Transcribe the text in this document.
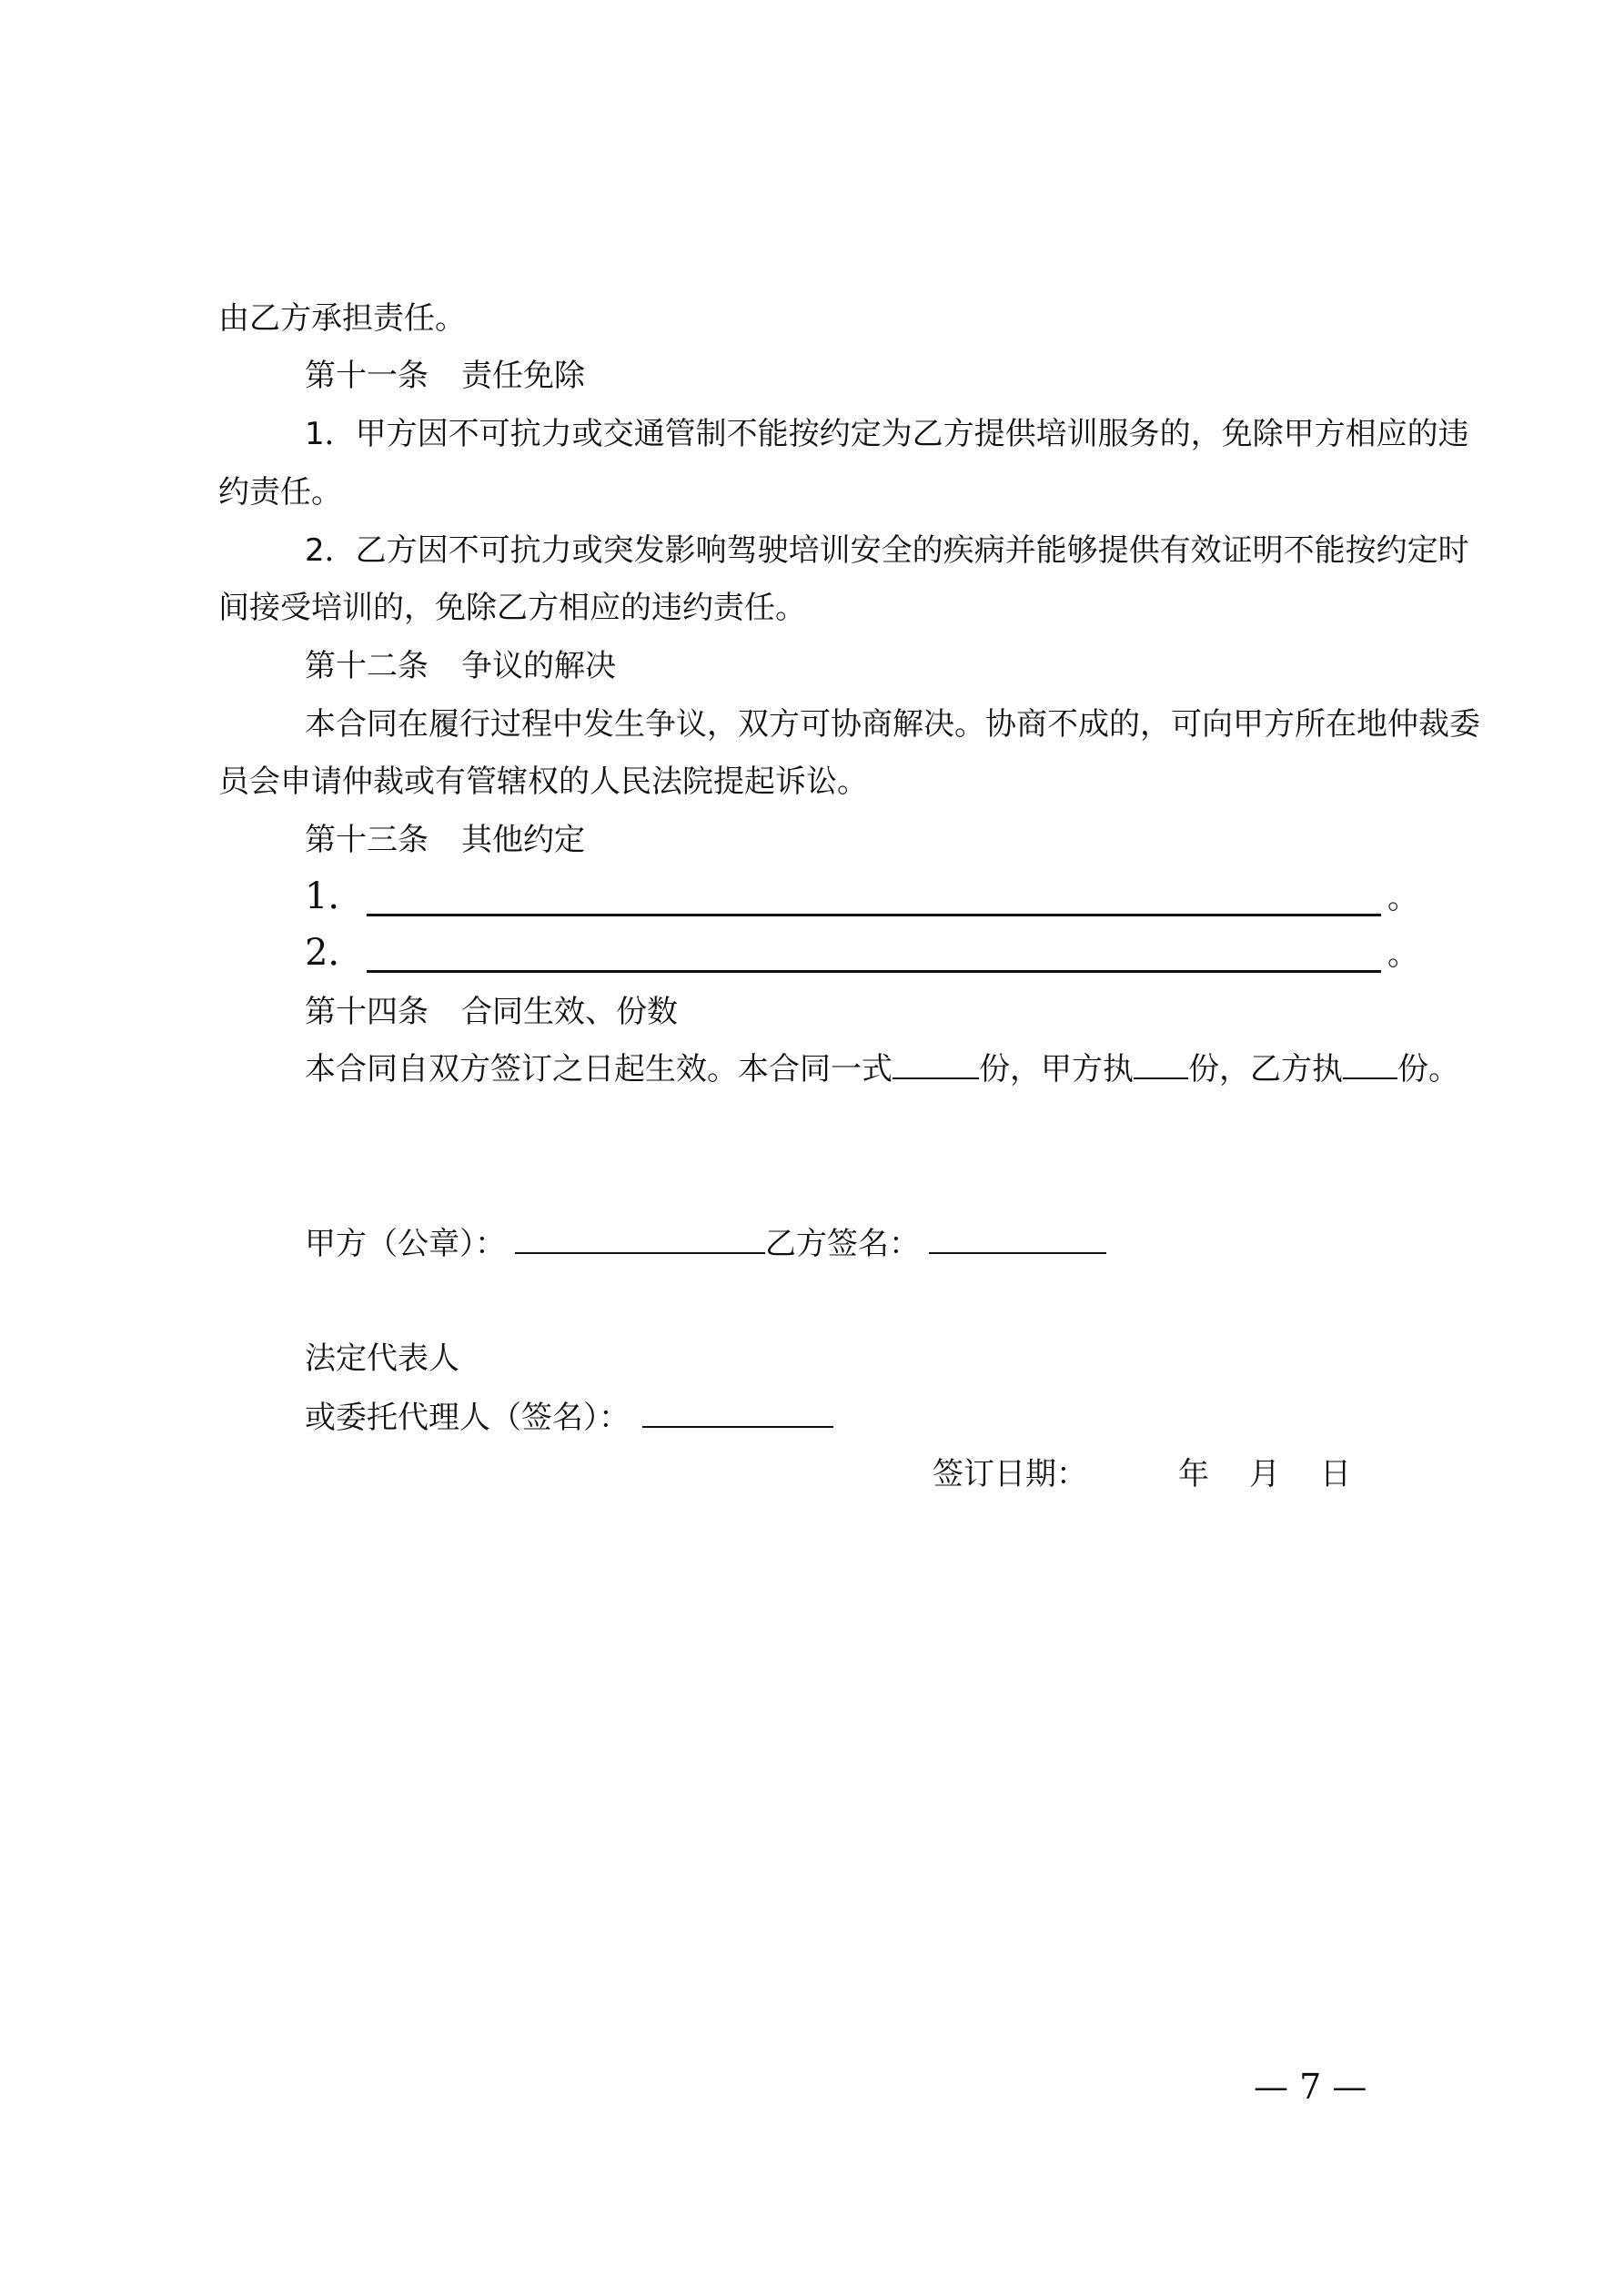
由乙方承担责任。

第十一条 责任免除

1．甲方因不可抗力或交通管制不能按约定为乙方提供培训服务的，免除甲方相应的违

约责任。

2．乙方因不可抗力或突发影响驾驶培训安全的疾病并能够提供有效证明不能按约定时

间接受培训的，免除乙方相应的违约责任。

第十二条 争议的解决

本合同在履行过程中发生争议，双方可协商解决。协商不成的，可向甲方所在地仲裁委

员会申请仲裁或有管辖权的人民法院提起诉讼。

第十三条 其他约定

1．	。
2．	。

第十四条 合同生效、份数

本合同自双方签订之日起生效。本合同一式	份，甲方执 份，乙方执 份。

甲方（公章）：	乙方签名：

法定代表人

或委托代理人（签名）：

签订日期：	年 月 日

— 7 —
